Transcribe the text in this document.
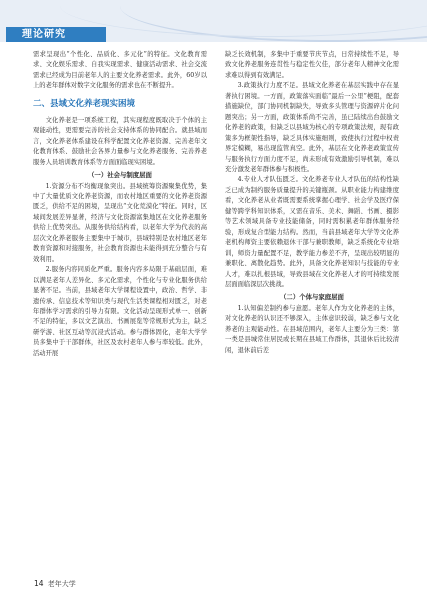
理论研究

需求呈现出“个性化、品质化、多元化”的特征。文化教育需求、文化娱乐需求、自我实现需求、健康活动需求、社会交流需求已经成为目前老年人的主要文化养老需求。此外，60岁以上的老年群体对数字文化服务的需求也在不断提升。

二、县域文化养老现实困境

文化养老是一项系统工程，其实现程度既取决于个体的主观能动性，更需要完善的社会支持体系的协同配合。就县域而言，文化养老体系建设在科学配置文化养老资源、完善老年文化教育体系、鼓励社会各界力量参与文化养老服务、完善养老服务人员培训教育体系等方面面临现实困境。

（一）社会与制度层面

1.资源分布不均衡现象突出。县域统筹资源聚集优势，集中了大量优质文化养老资源，而农村地区重要的文化养老资源匮乏，供给不足的困境，呈现出“文化荒漠化”特征。同时，区域间发展差异显著，经济与文化资源富集地区在文化养老服务供给上优势突出。从服务供给结构看，以老年大学为代表的高层次文化养老服务主要集中于城市，县域特别是农村地区老年教育资源和对接服务，社会教育资源也未能得到充分整合与有效利用。

2.服务内容同质化严重。服务内容多局限于基础层面，难以满足老年人差异化、多元化需求，个性化与专业化服务供给显著不足。当前，县域老年大学课程设置中，政治、哲学、非遗传承、信息技术等知识类与现代生活类课程相对匮乏，对老年群体学习需求的引导力有限。文化活动呈现形式单一、创新不足的特征，多以文艺演出、书画展览等常规形式为主，缺乏研学游、社区互动等沉浸式活动。参与群体固化，老年大学学员多集中于干部群体，社区及农村老年人参与率较低。此外，活动开展

缺乏长效机制，多集中于重要节庆节点，日常持续性不足，导致文化养老服务连贯性与稳定性欠佳，部分老年人精神文化需求难以得到有效满足。

3.政策执行力度不足。县域文化养老在基层实践中存在显著执行困境。一方面，政策落实面临“最后一公里”梗阻，配套措施缺位，部门协同机制缺失，导致多头管理与资源碎片化问题突出；另一方面，政策体系尚不完善，虽已陆续出台鼓励文化养老的政策，但缺乏以县域为核心的专项政策法规，现有政策多为框架性指导，缺乏具体实施细则，致使执行过程中权责界定模糊，易出现监管真空。此外，基层在文化养老政策宣传与服务执行方面力度不足，尚未形成有效激励引导机制，难以充分激发老年群体参与积极性。

4.专业人才队伍匮乏。文化养老专业人才队伍的结构性缺乏已成为制约服务质量提升的关键瓶颈。从职业能力构建维度看，文化养老从业者既需要系统掌握心理学、社会学及医疗保健等跨学科知识体系，又需在音乐、美术、舞蹈、书画、摄影等艺术领域具备专业技能储备，同时需积累老年群体服务经验，形成复合型能力结构。然而，当前县域老年大学等文化养老机构师资主要依赖退休干部与兼职教师，缺乏系统化专业培训，师资力量配置不足，教学能力参差不齐，呈现出较明显的兼职化、离散化趋势。此外，具备文化养老知识与技能的专业人才，难以扎根县域，导致县域在文化养老人才的可持续发展层面面临深层次挑战。

（二）个体与家庭层面

1.认知偏差制约参与意愿。老年人作为文化养老的主体，对文化养老的认识还不够深入，主体意识较弱，缺乏参与文化养老的主观能动性。在县域范围内，老年人主要分为三类：第一类是县城常住居民或长期在县域工作群体，其退休后比较清闲，退休前后差

14 老年大学
